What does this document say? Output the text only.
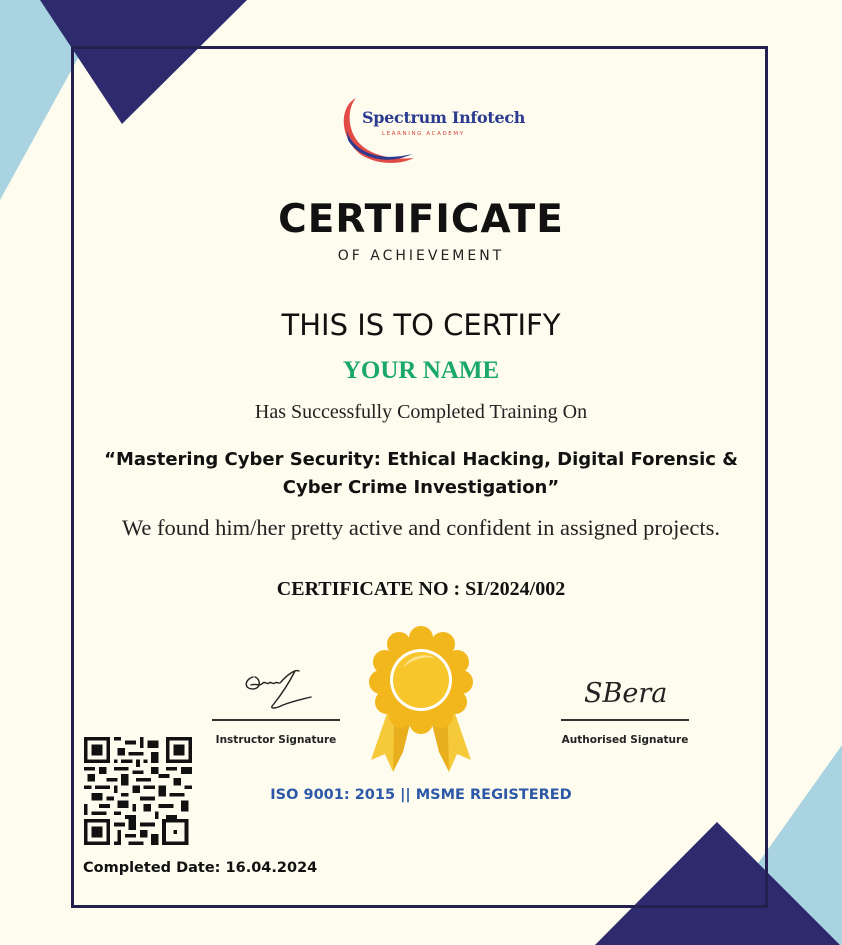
Spectrum Infotech
LEARNING ACADEMY
CERTIFICATE
OF ACHIEVEMENT
THIS IS TO CERTIFY
YOUR NAME
Has Successfully Completed Training On
“Mastering Cyber Security: Ethical Hacking, Digital Forensic & Cyber Crime Investigation”
We found him/her pretty active and confident in assigned projects.
CERTIFICATE NO : SI/2024/002
Instructor Signature
SBera
Authorised Signature
ISO 9001: 2015 || MSME REGISTERED
Completed Date: 16.04.2024
